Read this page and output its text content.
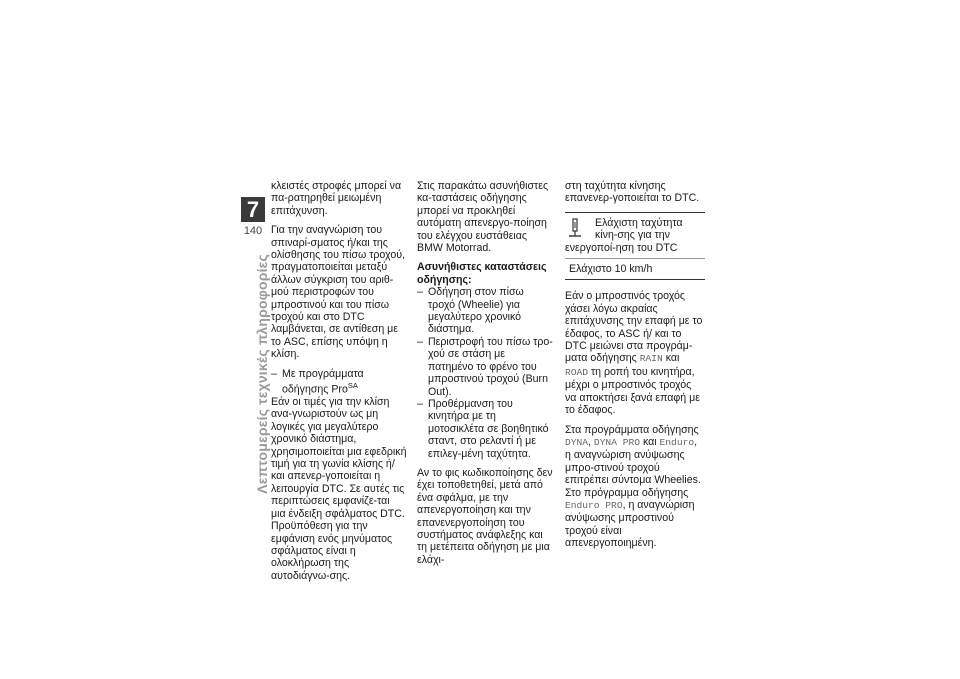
7
140
Λεπτομερείς τεχνικές πληροφορίες

κλειστές στροφές μπορεί να πα-ρατηρηθεί μειωμένη επιτάχυνση.

Για την αναγνώριση του σπιναρί-σματος ή/και της ολίσθησης του πίσω τροχού, πραγματοποιείται μεταξύ άλλων σύγκριση του αριθ-μού περιστροφών του μπροστινού και του πίσω τροχού και στο DTC λαμβάνεται, σε αντίθεση με το ASC, επίσης υπόψη η κλίση.

– Με προγράμματα οδήγησης Pro$^{SA}$

Εάν οι τιμές για την κλίση ανα-γνωριστούν ως μη λογικές για μεγαλύτερο χρονικό διάστημα, χρησιμοποιείται μια εφεδρική τιμή για τη γωνία κλίσης ή/και απενερ-γοποιείται η λειτουργία DTC. Σε αυτές τις περιπτώσεις εμφανίζε-ται μια ένδειξη σφάλματος DTC. Προϋπόθεση για την εμφάνιση ενός μηνύματος σφάλματος είναι η ολοκλήρωση της αυτοδιάγνω-σης.

Στις παρακάτω ασυνήθιστες κα-ταστάσεις οδήγησης μπορεί να προκληθεί αυτόματη απενεργο-ποίηση του ελέγχου ευστάθειας BMW Motorrad.

Ασυνήθιστες καταστάσεις οδήγησης:
– Οδήγηση στον πίσω τροχό (Wheelie) για μεγαλύτερο χρονικό διάστημα.
– Περιστροφή του πίσω τρο-χού σε στάση με πατημένο το φρένο του μπροστινού τροχού (Burn Out).
– Προθέρμανση του κινητήρα με τη μοτοσικλέτα σε βοηθητικό σταντ, στο ρελαντί ή με επιλεγ-μένη ταχύτητα.

Αν το φις κωδικοποίησης δεν έχει τοποθετηθεί, μετά από ένα σφάλμα, με την απενεργοποίηση και την επανενεργοποίηση του συστήματος ανάφλεξης και τη μετέπειτα οδήγηση με μια ελάχι-

στη ταχύτητα κίνησης επανενερ-γοποιείται το DTC.

Ελάχιστη ταχύτητα κίνη-σης για την ενεργοποί-ηση του DTC
Ελάχιστο 10 km/h

Εάν ο μπροστινός τροχός χάσει λόγω ακραίας επιτάχυνσης την επαφή με το έδαφος, το ASC ή/ και το DTC μειώνει στα προγράμ-ματα οδήγησης RAIN και ROAD τη ροπή του κινητήρα, μέχρι ο μπροστινός τροχός να αποκτήσει ξανά επαφή με το έδαφος.

Στα προγράμματα οδήγησης DYNA, DYNA PRO και Enduro, η αναγνώριση ανύψωσης μπρο-στινού τροχού επιτρέπει σύντομα Wheelies.

Στο πρόγραμμα οδήγησης Enduro PRO, η αναγνώριση ανύψωσης μπροστινού τροχού είναι απενεργοποιημένη.
